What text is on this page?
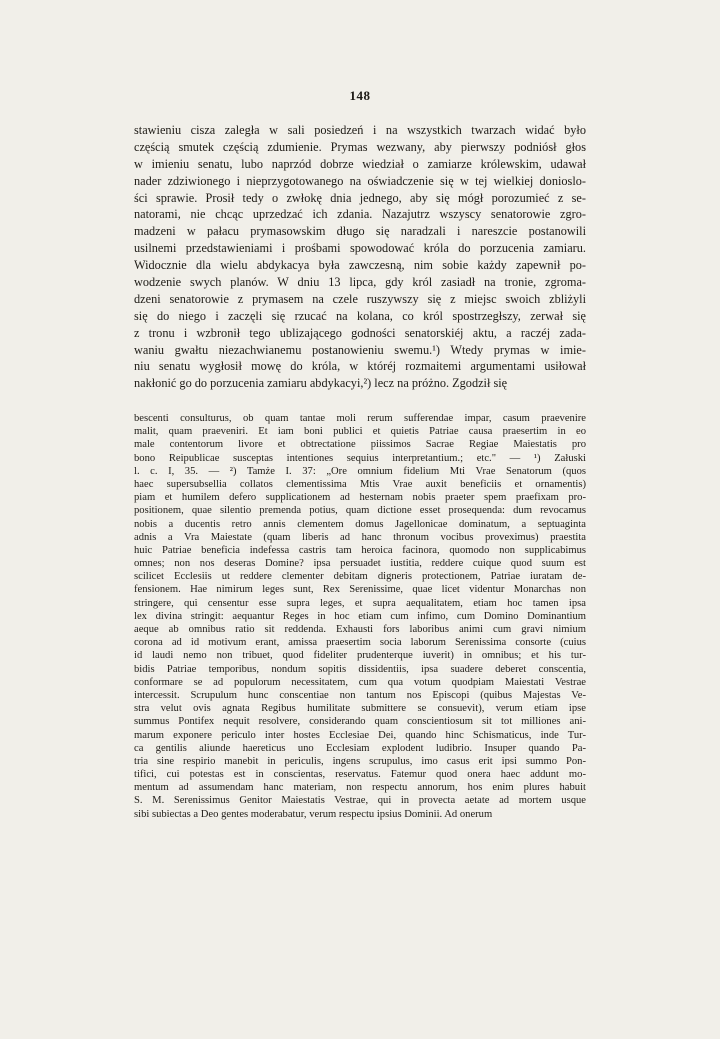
148
stawieniu cisza zaległa w sali posiedzeń i na wszystkich twarzach widać było
częścią smutek częścią zdumienie. Prymas wezwany, aby pierwszy podniósł głos
w imieniu senatu, lubo naprzód dobrze wiedział o zamiarze królewskim, udawał
nader zdziwionego i nieprzygotowanego na oświadczenie się w tej wielkiej donioslo-
ści sprawie. Prosił tedy o zwłokę dnia jednego, aby się mógł porozumieć z se-
natorami, nie chcąc uprzedzać ich zdania. Nazajutrz wszyscy senatorowie zgro-
madzeni w pałacu prymasowskim długo się naradzali i nareszcie postanowili
usilnemi przedstawieniami i prośbami spowodować króla do porzucenia zamiaru.
Widocznie dla wielu abdykacya była zawczesną, nim sobie każdy zapewnił po-
wodzenie swych planów. W dniu 13 lipca, gdy król zasiadł na tronie, zgroma-
dzeni senatorowie z prymasem na czele ruszywszy się z miejsc swoich zbliżyli
się do niego i zaczęli się rzucać na kolana, co król spostrzegłszy, zerwał się
z tronu i wzbronił tego ublizającego godności senatorskiéj aktu, a raczéj zada-
waniu gwałtu niezachwianemu postanowieniu swemu.¹) Wtedy prymas w imie-
niu senatu wygłosił mowę do króla, w któréj rozmaitemi argumentami usiłował
nakłonić go do porzucenia zamiaru abdykacyi,²) lecz na próżno. Zgodził się
bescenti consulturus, ob quam tantae moli rerum sufferendae impar, casum praevenire
malit, quam praeveniri. Et iam boni publici et quietis Patriae causa praesertim in eo
male contentorum livore et obtrectatione piissimos Sacrae Regiae Maiestatis pro
bono Reipublicae susceptas intentiones sequius interpretantium.; etc." — ¹) Załuski
l. c. I, 35. — ²) Tamże I. 37: „Ore omnium fidelium Mti Vrae Senatorum (quos
haec supersubsellia collatos clementissima Mtis Vrae auxit beneficiis et ornamentis)
piam et humilem defero supplicationem ad hesternam nobis praeter spem praefixam pro-
positionem, quae silentio premenda potius, quam dictione esset prosequenda: dum revocamus
nobis a ducentis retro annis clementem domus Jagellonicae dominatum, a septuaginta
adnis a Vra Maiestate (quam liberis ad hanc thronum vocibus proveximus) praestita
huic Patriae beneficia indefessa castris tam heroica facinora, quomodo non supplicabimus
omnes; non nos deseras Domine? ipsa persuadet iustitia, reddere cuique quod suum est
scilicet Ecclesiis ut reddere clementer debitam digneris protectionem, Patriae iuratam de-
fensionem. Hae nimirum leges sunt, Rex Serenissime, quae licet videntur Monarchas non
stringere, qui censentur esse supra leges, et supra aequalitatem, etiam hoc tamen ipsa
lex divina stringit: aequantur Reges in hoc etiam cum infimo, cum Domino Dominantium
aeque ab omnibus ratio sit reddenda. Exhausti fors laboribus animi cum gravi nimium
corona ad id motivum erant, amissa praesertim socia laborum Serenissima consorte (cuius
id laudi nemo non tribuet, quod fideliter prudenterque iuverit) in omnibus; et his tur-
bidis Patriae temporibus, nondum sopitis dissidentiis, ipsa suadere deberet conscentia,
conformare se ad populorum necessitatem, cum qua votum quodpiam Maiestati Vestrae
intercessit. Scrupulum hunc conscentiae non tantum nos Episcopi (quibus Majestas Ve-
stra velut ovis agnata Regibus humilitate submittere se consuevit), verum etiam ipse
summus Pontifex nequit resolvere, considerando quam conscientiosum sit tot milliones ani-
marum exponere periculo inter hostes Ecclesiae Dei, quando hinc Schismaticus, inde Tur-
ca gentilis aliunde haereticus uno Ecclesiam explodent ludibrio. Insuper quando Pa-
tria sine respirio manebit in periculis, ingens scrupulus, imo casus erit ipsi summo Pon-
tifici, cui potestas est in conscientas, reservatus. Fatemur quod onera haec addunt mo-
mentum ad assumendam hanc materiam, non respectu annorum, hos enim plures habuit
S. M. Serenissimus Genitor Maiestatis Vestrae, qui in provecta aetate ad mortem usque
sibi subiectas a Deo gentes moderabatur, verum respectu ipsius Dominii. Ad onerum
